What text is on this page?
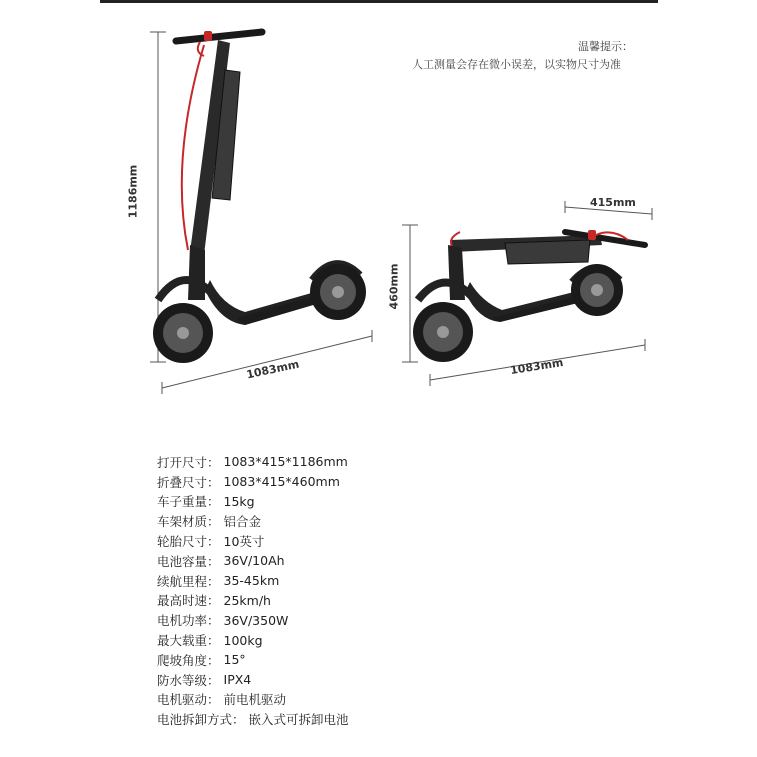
温馨提示：
人工测量会存在微小误差，以实物尺寸为准
1186mm
1083mm
460mm
415mm
1083mm
打开尺寸： 1083*415*1186mm
折叠尺寸： 1083*415*460mm
车子重量： 15kg
车架材质： 铝合金
轮胎尺寸： 10英寸
电池容量： 36V/10Ah
续航里程： 35-45km
最高时速： 25km/h
电机功率： 36V/350W
最大载重： 100kg
爬坡角度： 15°
防水等级： IPX4
电机驱动： 前电机驱动
电池拆卸方式： 嵌入式可拆卸电池
